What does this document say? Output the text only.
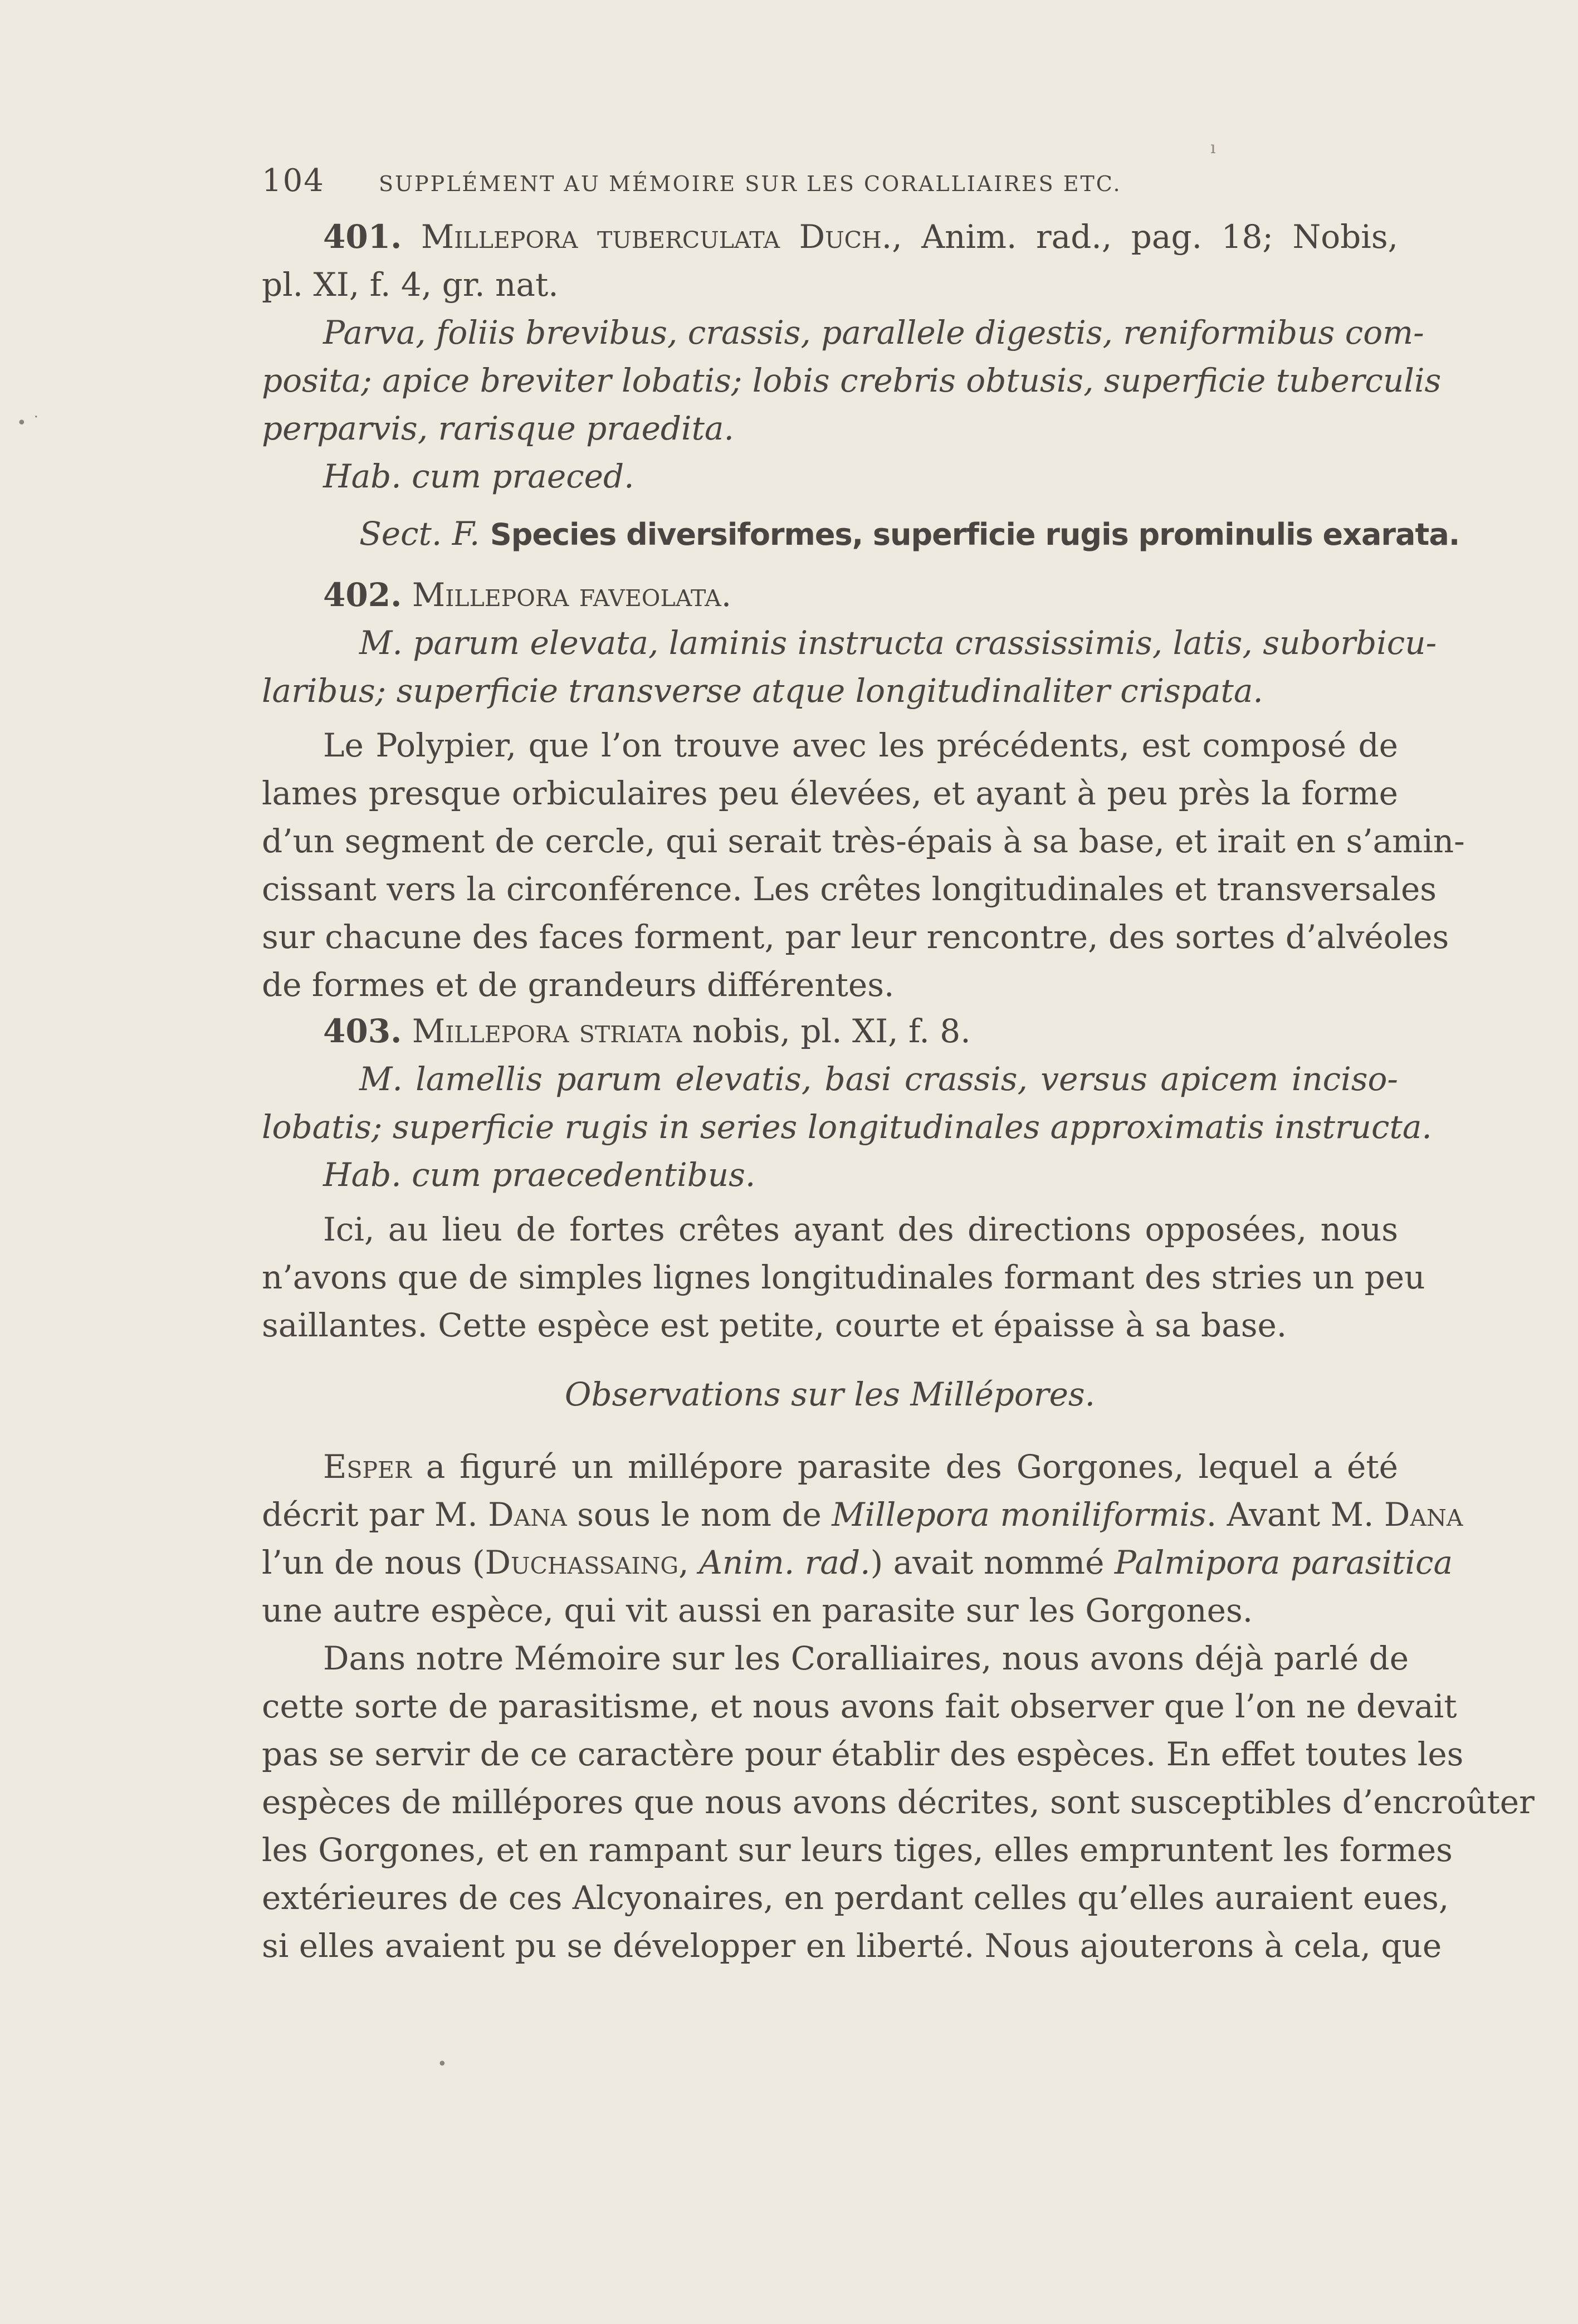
ı
• ˙
•
104	SUPPLÉMENT AU MÉMOIRE SUR LES CORALLIAIRES ETC.
401. Millepora tuberculata Duch., Anim. rad., pag. 18; Nobis,
pl. XI, f. 4, gr. nat.
Parva, foliis brevibus, crassis, parallele digestis, reniformibus com-
posita; apice breviter lobatis; lobis crebris obtusis, superficie tuberculis
perparvis, rarisque praedita.
Hab. cum praeced.
Sect. F. Species diversiformes, superficie rugis prominulis exarata.
402. Millepora faveolata.
M. parum elevata, laminis instructa crassissimis, latis, suborbicu-
laribus; superficie transverse atque longitudinaliter crispata.
Le Polypier, que l’on trouve avec les précédents, est composé de
lames presque orbiculaires peu élevées, et ayant à peu près la forme
d’un segment de cercle, qui serait très-épais à sa base, et irait en s’amin-
cissant vers la circonférence. Les crêtes longitudinales et transversales
sur chacune des faces forment, par leur rencontre, des sortes d’alvéoles
de formes et de grandeurs différentes.
403. Millepora striata nobis, pl. XI, f. 8.
M. lamellis parum elevatis, basi crassis, versus apicem inciso-
lobatis; superficie rugis in series longitudinales approximatis instructa.
Hab. cum praecedentibus.
Ici, au lieu de fortes crêtes ayant des directions opposées, nous
n’avons que de simples lignes longitudinales formant des stries un peu
saillantes. Cette espèce est petite, courte et épaisse à sa base.
Observations sur les Millépores.
Esper a figuré un millépore parasite des Gorgones, lequel a été
décrit par M. Dana sous le nom de Millepora moniliformis. Avant M. Dana
l’un de nous (Duchassaing, Anim. rad.) avait nommé Palmipora parasitica
une autre espèce, qui vit aussi en parasite sur les Gorgones.
Dans notre Mémoire sur les Coralliaires, nous avons déjà parlé de
cette sorte de parasitisme, et nous avons fait observer que l’on ne devait
pas se servir de ce caractère pour établir des espèces. En effet toutes les
espèces de millépores que nous avons décrites, sont susceptibles d’encroûter
les Gorgones, et en rampant sur leurs tiges, elles empruntent les formes
extérieures de ces Alcyonaires, en perdant celles qu’elles auraient eues,
si elles avaient pu se développer en liberté. Nous ajouterons à cela, que
